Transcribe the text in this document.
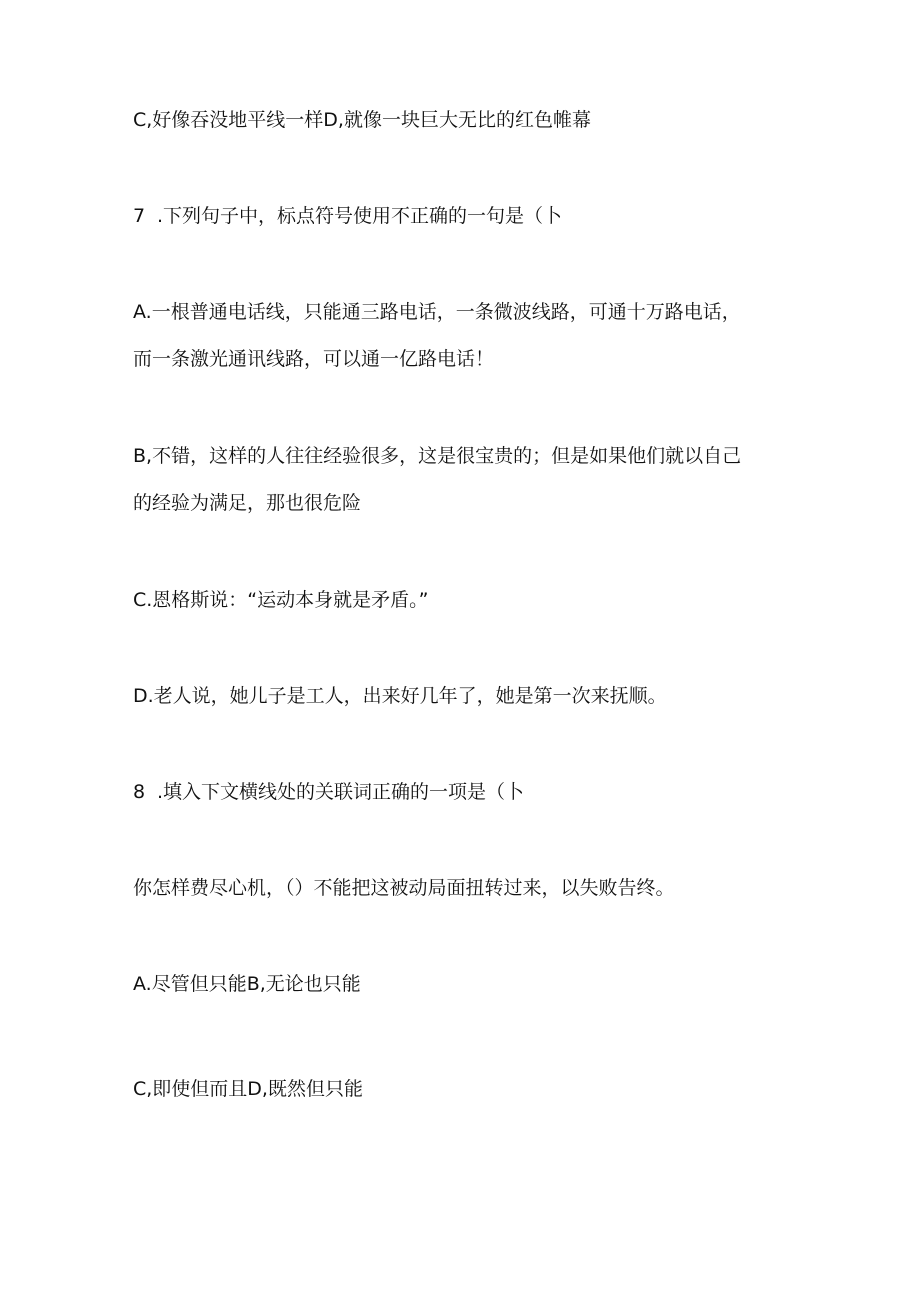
C,好像吞没地平线一样D,就像一块巨大无比的红色帷幕
7 .下列句子中，标点符号使用不正确的一句是（卜
A.一根普通电话线，只能通三路电话，一条微波线路，可通十万路电话，
而一条激光通讯线路，可以通一亿路电话！
B,不错，这样的人往往经验很多，这是很宝贵的；但是如果他们就以自己
的经验为满足，那也很危险
C.恩格斯说：“运动本身就是矛盾。”
D.老人说，她儿子是工人，出来好几年了，她是第一次来抚顺。
8 .填入下文横线处的关联词正确的一项是（卜
你怎样费尽心机，（）不能把这被动局面扭转过来，以失败告终。
A.尽管但只能B,无论也只能
C,即使但而且D,既然但只能
